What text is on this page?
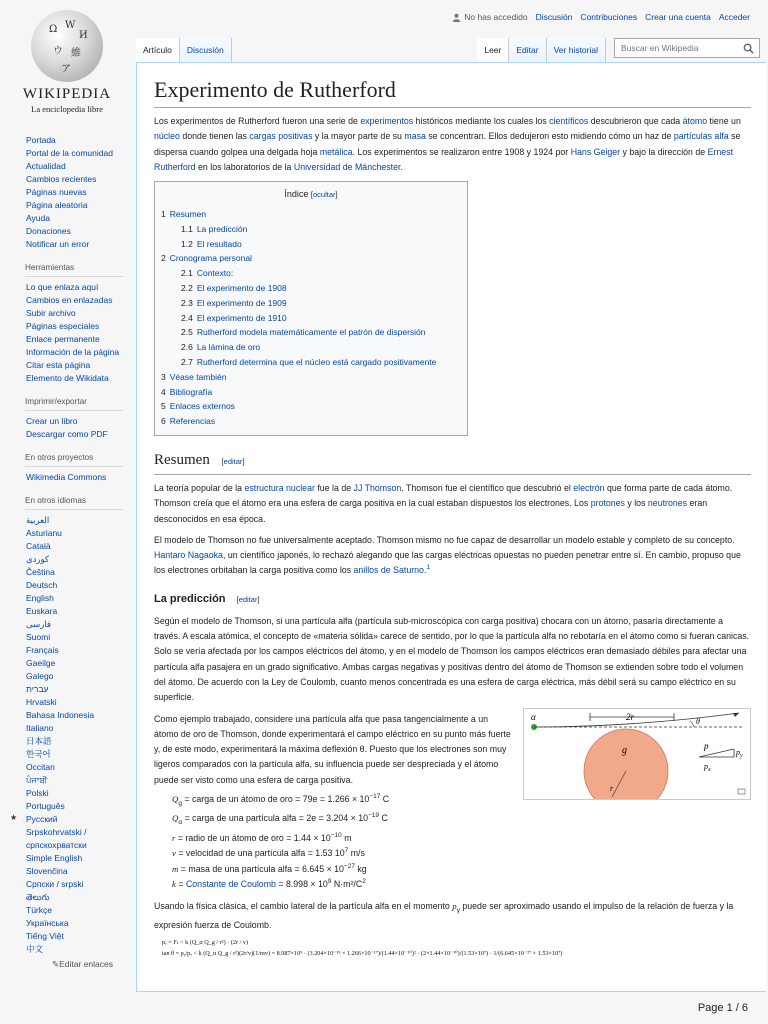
No has accedido Discusión Contribuciones Crear una cuenta Acceder
Ω W
И
ウ 維
ア
WIKIPEDIA
La enciclopedia libre
Artículo	Discusión	Leer	Editar	Ver historial	Buscar en Wikipedia
Portada
Portal de la comunidad
Actualidad
Cambios recientes
Páginas nuevas
Página aleatoria
Ayuda
Donaciones
Notificar un error
Herramientas
Lo que enlaza aquí
Cambios en enlazadas
Subir archivo
Páginas especiales
Enlace permanente
Información de la página
Citar esta página
Elemento de Wikidata
Imprimir/exportar
Crear un libro
Descargar como PDF
En otros proyectos
Wikimedia Commons
En otros idiomas
العربية
Asturianu
Català
کوردی
Čeština
Deutsch
English
Euskara
فارسی
Suomi
Français
Gaeilge
Galego
עברית
Hrvatski
Bahasa Indonesia
Italiano
日本語
한국어
Occitan
ਪੰਜਾਬੀ
Polski
Português
Русский
Srpskohrvatski / српскохрватски
Simple English
Slovenčina
Српски / srpski
తెలుగు
Türkçe
Українська
Tiếng Việt
中文
★
✎Editar enlaces
Experimento de Rutherford

Los experimentos de Rutherford fueron una serie de experimentos históricos mediante los cuales los científicos descubrieron que cada átomo tiene un núcleo donde tienen las cargas positivas y la mayor parte de su masa se concentran. Ellos dedujeron esto midiendo cómo un haz de partículas alfa se dispersa cuando golpea una delgada hoja metálica. Los experimentos se realizaron entre 1908 y 1924 por Hans Geiger y bajo la dirección de Ernest Rutherford en los laboratorios de la Universidad de Mánchester.

Índice [ocultar]
1 Resumen
1.1 La predicción
1.2 El resultado
2 Cronograma personal
2.1 Contexto:
2.2 El experimento de 1908
2.3 El experimento de 1909
2.4 El experimento de 1910
2.5 Rutherford modela matemáticamente el patrón de dispersión
2.6 La lámina de oro
2.7 Rutherford determina que el núcleo está cargado positivamente
3 Véase también
4 Bibliografía
5 Enlaces externos
6 Referencias
Resumen [editar]

La teoría popular de la estructura nuclear fue la de JJ Thomson. Thomson fue el científico que descubrió el electrón que forma parte de cada átomo. Thomson creía que el átomo era una esfera de carga positiva en la cual estaban dispuestos los electrones. Los protones y los neutrones eran desconocidos en esa época.

El modelo de Thomson no fue universalmente aceptado. Thomson mismo no fue capaz de desarrollar un modelo estable y completo de su concepto. Hantaro Nagaoka, un científico japonés, lo rechazó alegando que las cargas eléctricas opuestas no pueden penetrar entre sí. En cambio, propuso que los electrones orbitaban la carga positiva como los anillos de Saturno.$^1$

La predicción [editar]

Según el modelo de Thomson, si una partícula alfa (partícula sub-microscópica con carga positiva) chocara con un átomo, pasaría directamente a través. A escala atómica, el concepto de «materia sólida» carece de sentido, por lo que la partícula alfa no rebotaría en el átomo como si fueran canicas. Solo se vería afectada por los campos eléctricos del átomo, y en el modelo de Thomson los campos eléctricos eran demasiado débiles para afectar una partícula alfa pasajera en un grado significativo. Ambas cargas negativas y positivas dentro del átomo de Thomson se extienden sobre todo el volumen del átomo. De acuerdo con la Ley de Coulomb, cuanto menos concentrada es una esfera de carga eléctrica, más débil será su campo eléctrico en su superficie.

α	2r	θ
g
r
p
$p_y$
$p_x$

Como ejemplo trabajado, considere una partícula alfa que pasa tangencialmente a un átomo de oro de Thomson, donde experimentará el campo eléctrico en su punto más fuerte y, de este modo, experimentará la máxima deflexión θ. Puesto que los electrones son muy ligeros comparados con la partícula alfa, su influencia puede ser despreciada y el átomo puede ser visto como una esfera de carga positiva.

$Q_g$ = carga de un átomo de oro = $79e = 1.266 \times 10^{-17}$ C
$Q_\alpha$ = carga de una partícula alfa = $2e = 3.204 \times 10^{-19}$ C
r = radio de un átomo de oro = $1.44 \times 10^{-10}$ m
v = velocidad de una partícula alfa = 1.53 $10^7$ m/s
m = masa de una partícula alfa = $6.645 \times 10^{-27}$ kg
k = Constante de Coulomb = $8.998 \times 10^9$ $N\cdot m^2/C^2$

Usando la física clásica, el cambio lateral de la partícula alfa en el momento $p_y$ puede ser aproximado usando el impulso de la relación de fuerza y la expresión fuerza de Coulomb.

pᵧ = Fₜ < k (Q_α Q_g / r²) · (2r / v)
tan θ = pᵧ/pₓ < k (Q_α Q_g / r²)(2r/v)(1/mv) = 8.987×10⁹ · (3.204×10⁻¹⁹ × 1.266×10⁻¹⁷)/(1.44×10⁻¹⁰)² · (2×1.44×10⁻¹⁰)/(1.53×10⁷) · 1/(6.645×10⁻²⁷ × 1.53×10⁷)
Page 1 / 6
